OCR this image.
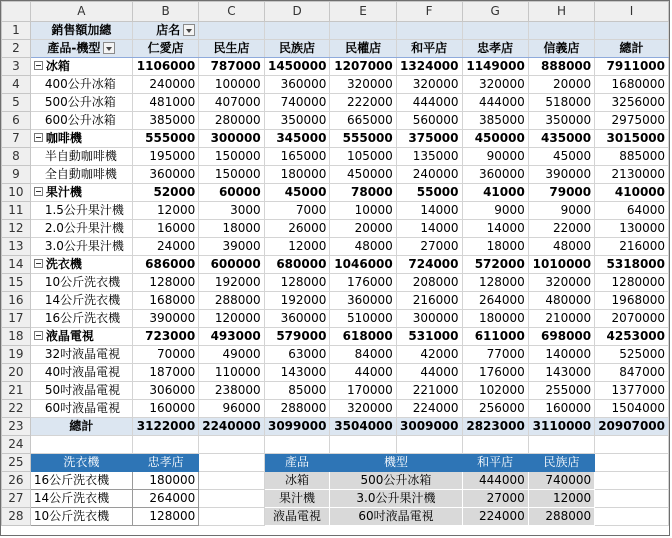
	A	B	C	D	E	F	G	H	I
1	銷售額加總	店名							
2	產品-機型	仁愛店	民生店	民族店	民權店	和平店	忠孝店	信義店	總計
3	冰箱	1106000	787000	1450000	1207000	1324000	1149000	888000	7911000
4	400公升冰箱	240000	100000	360000	320000	320000	320000	20000	1680000
5	500公升冰箱	481000	407000	740000	222000	444000	444000	518000	3256000
6	600公升冰箱	385000	280000	350000	665000	560000	385000	350000	2975000
7	咖啡機	555000	300000	345000	555000	375000	450000	435000	3015000
8	半自動咖啡機	195000	150000	165000	105000	135000	90000	45000	885000
9	全自動咖啡機	360000	150000	180000	450000	240000	360000	390000	2130000
10	果汁機	52000	60000	45000	78000	55000	41000	79000	410000
11	1.5公升果汁機	12000	3000	7000	10000	14000	9000	9000	64000
12	2.0公升果汁機	16000	18000	26000	20000	14000	14000	22000	130000
13	3.0公升果汁機	24000	39000	12000	48000	27000	18000	48000	216000
14	洗衣機	686000	600000	680000	1046000	724000	572000	1010000	5318000
15	10公斤洗衣機	128000	192000	128000	176000	208000	128000	320000	1280000
16	14公斤洗衣機	168000	288000	192000	360000	216000	264000	480000	1968000
17	16公斤洗衣機	390000	120000	360000	510000	300000	180000	210000	2070000
18	液晶電視	723000	493000	579000	618000	531000	611000	698000	4253000
19	32吋液晶電視	70000	49000	63000	84000	42000	77000	140000	525000
20	40吋液晶電視	187000	110000	143000	44000	44000	176000	143000	847000
21	50吋液晶電視	306000	238000	85000	170000	221000	102000	255000	1377000
22	60吋液晶電視	160000	96000	288000	320000	224000	256000	160000	1504000
23	總計	3122000	2240000	3099000	3504000	3009000	2823000	3110000	20907000
24									
25	洗衣機	忠孝店		產品	機型		和平店	民族店	
26	16公斤洗衣機	180000		冰箱	500公升冰箱		444000	740000	
27	14公斤洗衣機	264000		果汁機	3.0公升果汁機		27000	12000	
28	10公斤洗衣機	128000		液晶電視	60吋液晶電視		224000	288000	
